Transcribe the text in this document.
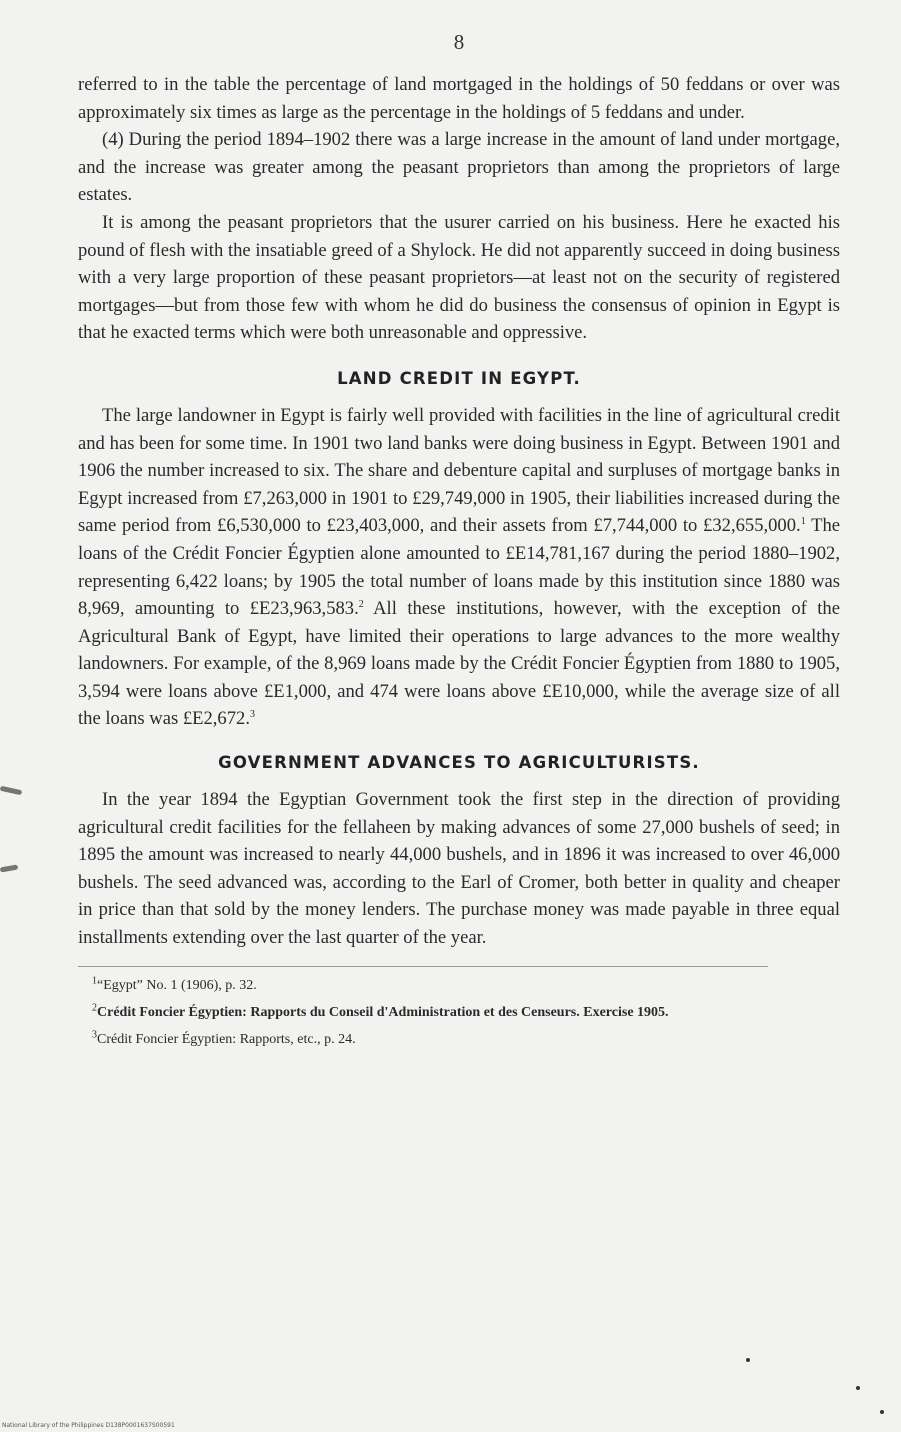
8

referred to in the table the percentage of land mortgaged in the holdings of 50 feddans or over was approximately six times as large as the percentage in the holdings of 5 feddans and under.

(4) During the period 1894–1902 there was a large increase in the amount of land under mortgage, and the increase was greater among the peasant proprietors than among the proprietors of large estates.

It is among the peasant proprietors that the usurer carried on his business. Here he exacted his pound of flesh with the insatiable greed of a Shylock. He did not apparently succeed in doing business with a very large proportion of these peasant proprietors—at least not on the security of registered mortgages—but from those few with whom he did do business the consensus of opinion in Egypt is that he exacted terms which were both unreasonable and oppressive.

LAND CREDIT IN EGYPT.

The large landowner in Egypt is fairly well provided with facilities in the line of agricultural credit and has been for some time. In 1901 two land banks were doing business in Egypt. Between 1901 and 1906 the number increased to six. The share and debenture capital and surpluses of mortgage banks in Egypt increased from £7,263,000 in 1901 to £29,749,000 in 1905, their liabilities increased during the same period from £6,530,000 to £23,403,000, and their assets from £7,744,000 to £32,655,000.$^1$ The loans of the Crédit Foncier Égyptien alone amounted to £E14,781,167 during the period 1880–1902, representing 6,422 loans; by 1905 the total number of loans made by this institution since 1880 was 8,969, amounting to £E23,963,583.$^2$ All these institutions, however, with the exception of the Agricultural Bank of Egypt, have limited their operations to large advances to the more wealthy landowners. For example, of the 8,969 loans made by the Crédit Foncier Égyptien from 1880 to 1905, 3,594 were loans above £E1,000, and 474 were loans above £E10,000, while the average size of all the loans was £E2,672.$^3$

GOVERNMENT ADVANCES TO AGRICULTURISTS.

In the year 1894 the Egyptian Government took the first step in the direction of providing agricultural credit facilities for the fellaheen by making advances of some 27,000 bushels of seed; in 1895 the amount was increased to nearly 44,000 bushels, and in 1896 it was increased to over 46,000 bushels. The seed advanced was, according to the Earl of Cromer, both better in quality and cheaper in price than that sold by the money lenders. The purchase money was made payable in three equal installments extending over the last quarter of the year.

$^1$“Egypt” No. 1 (1906), p. 32.

$^2$Crédit Foncier Égyptien: Rapports du Conseil d'Administration et des Censeurs. Exercise 1905.

$^3$Crédit Foncier Égyptien: Rapports, etc., p. 24.

National Library of the Philippines D138P0001637S00591
